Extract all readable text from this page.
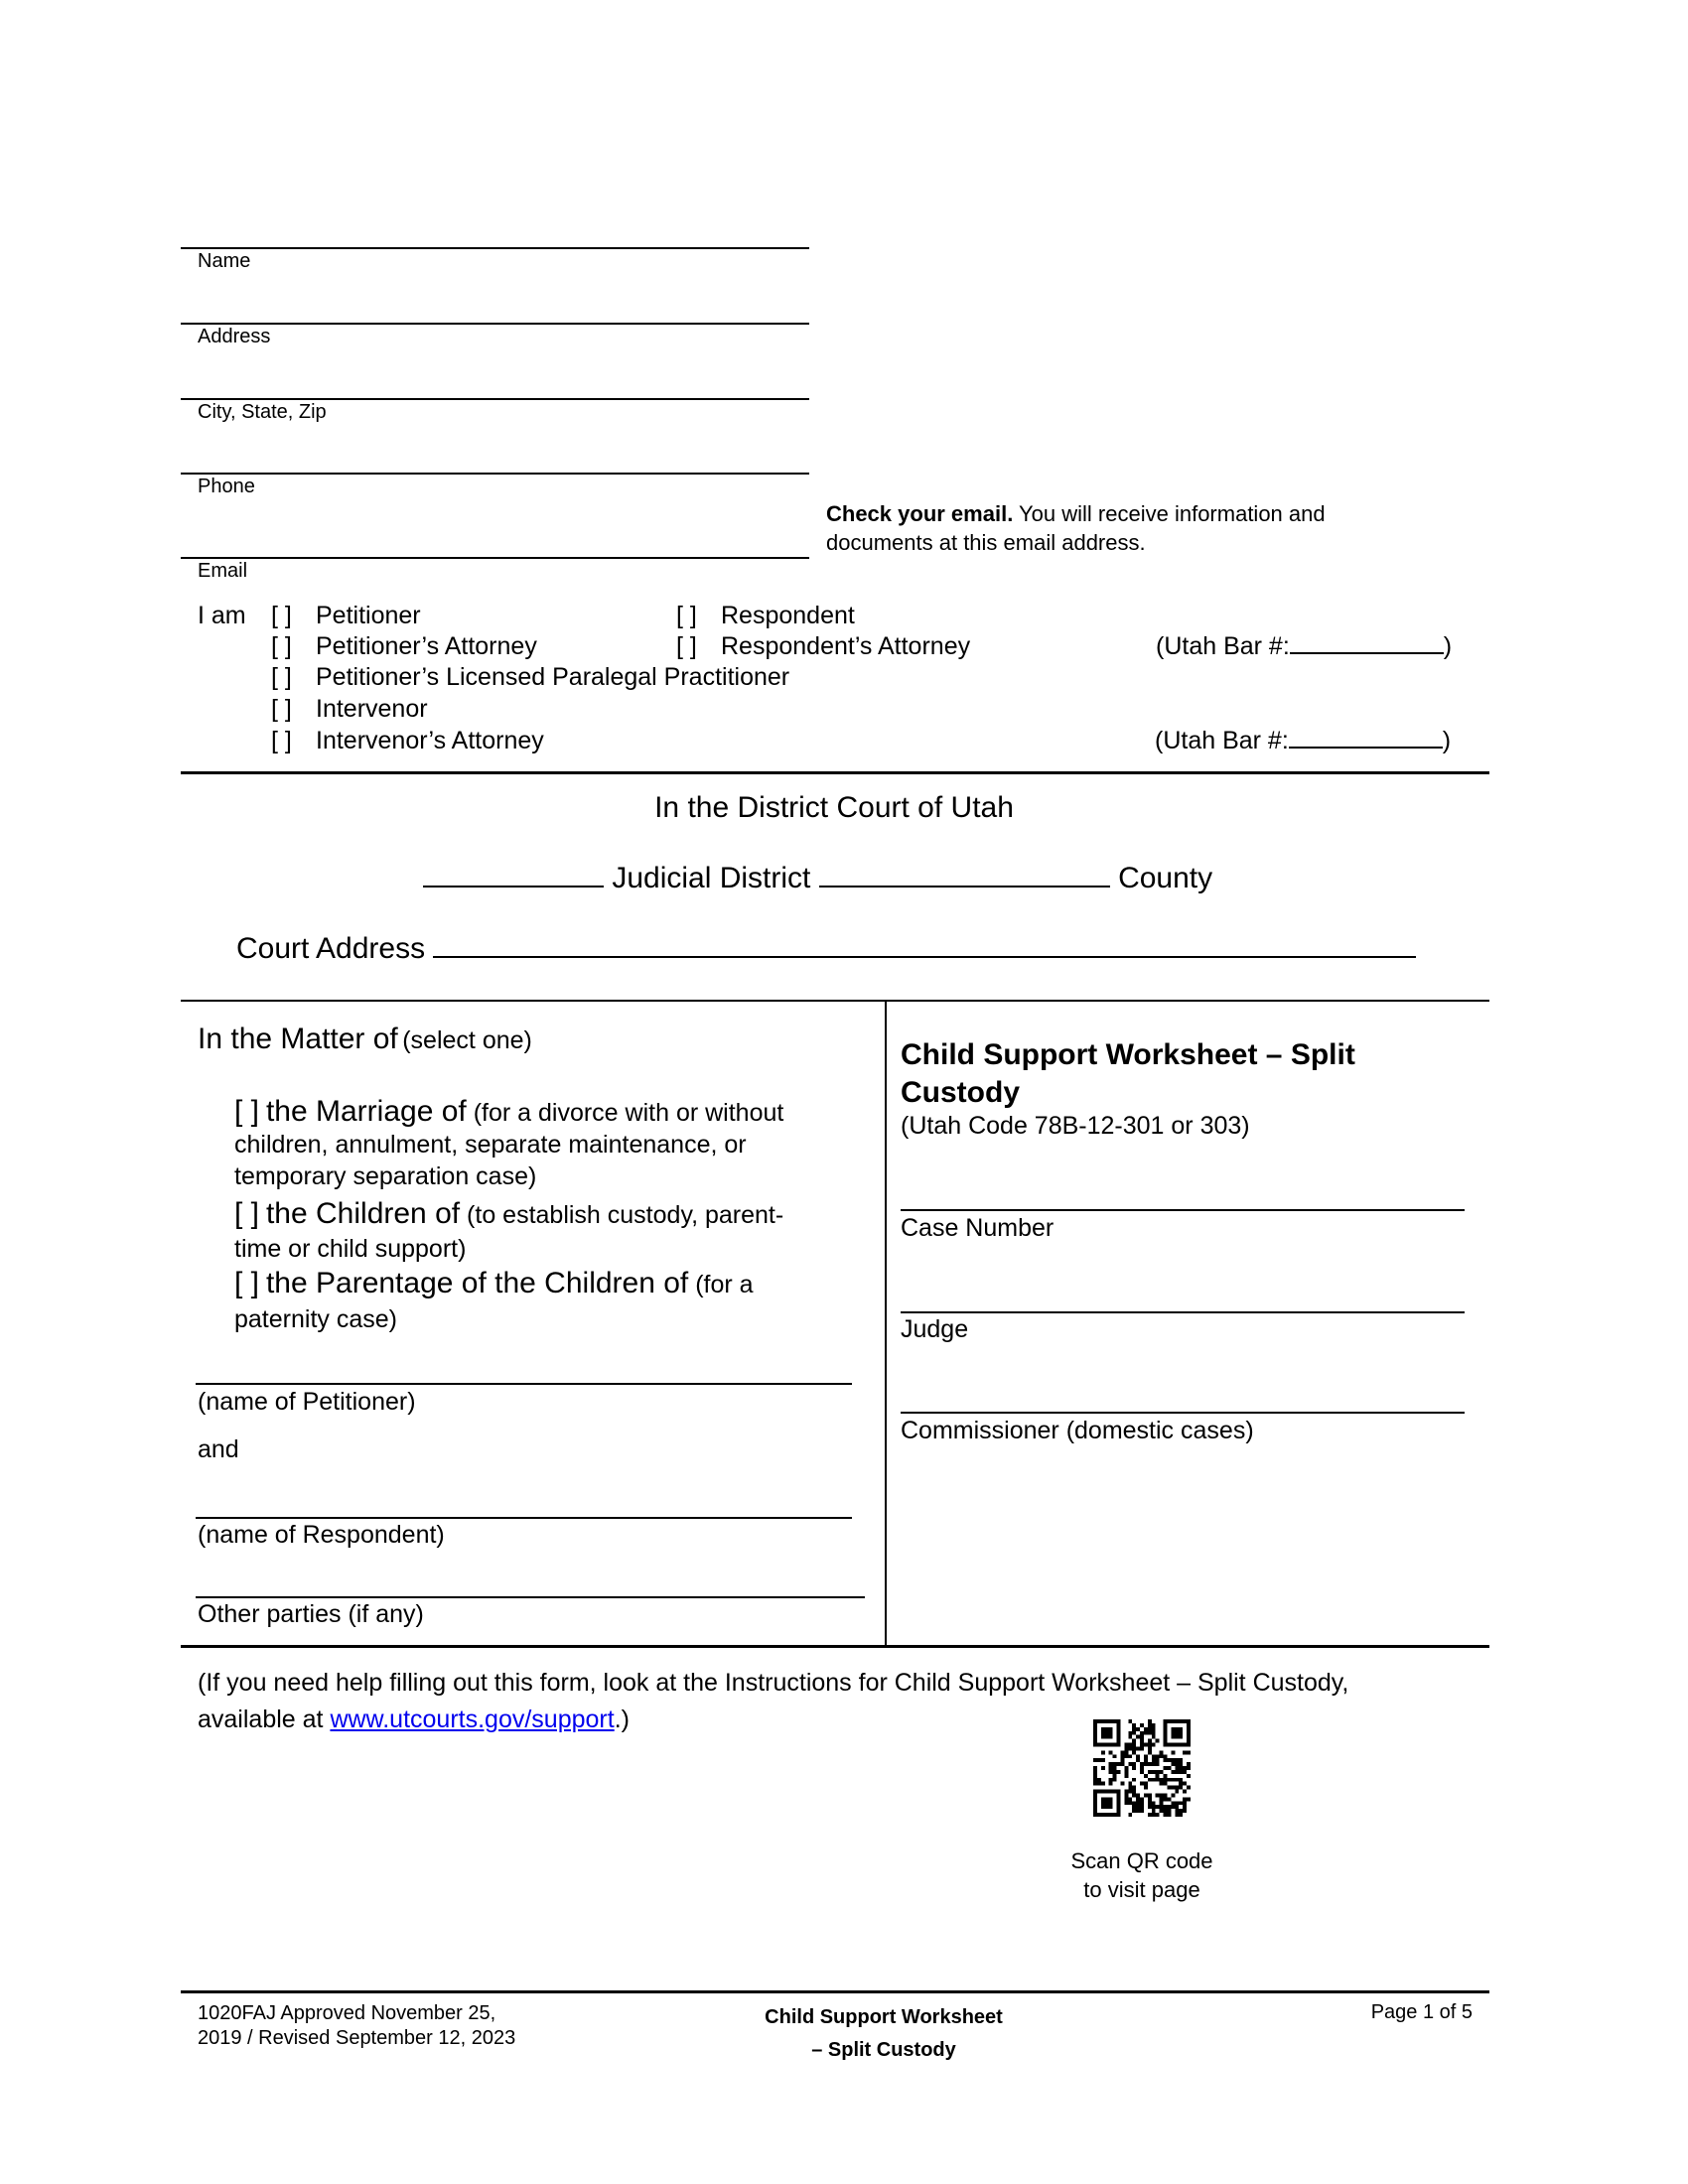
Name
Address
City, State, Zip
Phone
Email
Check your email. You will receive information and
documents at this email address.
I am [ ] Petitioner	[ ] Respondent
[ ] Petitioner’s Attorney	[ ] Respondent’s Attorney	(Utah Bar #:	)
[ ] Petitioner’s Licensed Paralegal Practitioner
[ ] Intervenor
[ ] Intervenor’s Attorney	(Utah Bar #:	)
In the District Court of Utah
Judicial District	County
Court Address
In the Matter of (select one)
[ ] the Marriage of (for a divorce with or without
children, annulment, separate maintenance, or
temporary separation case)
[ ] the Children of (to establish custody, parent-
time or child support)
[ ] the Parentage of the Children of (for a
paternity case)
(name of Petitioner)
and
(name of Respondent)
Other parties (if any)
Child Support Worksheet – Split
Custody
(Utah Code 78B-12-301 or 303)
Case Number
Judge
Commissioner (domestic cases)
(If you need help filling out this form, look at the Instructions for Child Support Worksheet – Split Custody,
available at www.utcourts.gov/support.)
Scan QR code
to visit page
1020FAJ Approved November 25,
2019 / Revised September 12, 2023
Child Support Worksheet
– Split Custody
Page 1 of 5
